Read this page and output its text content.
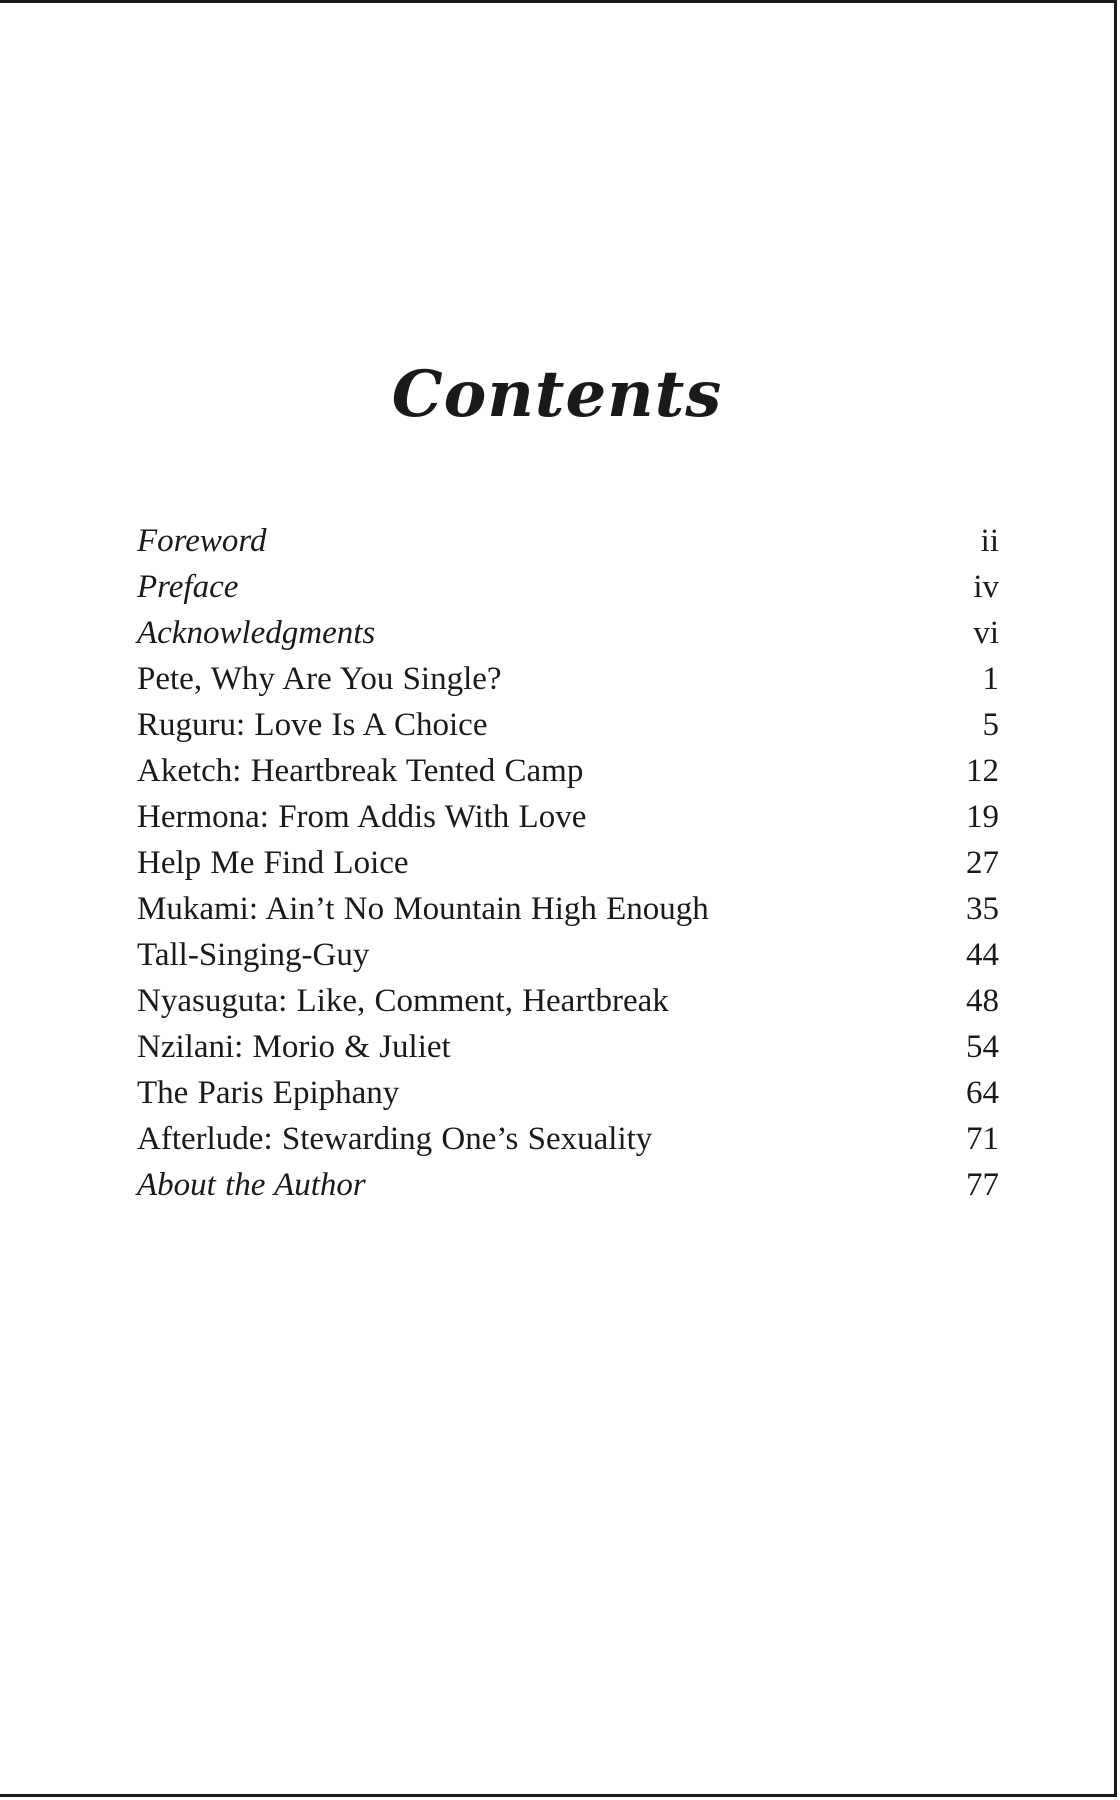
Contents
Foreword	ii
Preface	iv
Acknowledgments	vi
Pete, Why Are You Single?	1
Ruguru: Love Is A Choice	5
Aketch: Heartbreak Tented Camp	12
Hermona: From Addis With Love	19
Help Me Find Loice	27
Mukami: Ain’t No Mountain High Enough	35
Tall-Singing-Guy	44
Nyasuguta: Like, Comment, Heartbreak	48
Nzilani: Morio & Juliet	54
The Paris Epiphany	64
Afterlude: Stewarding One’s Sexuality	71
About the Author	77
